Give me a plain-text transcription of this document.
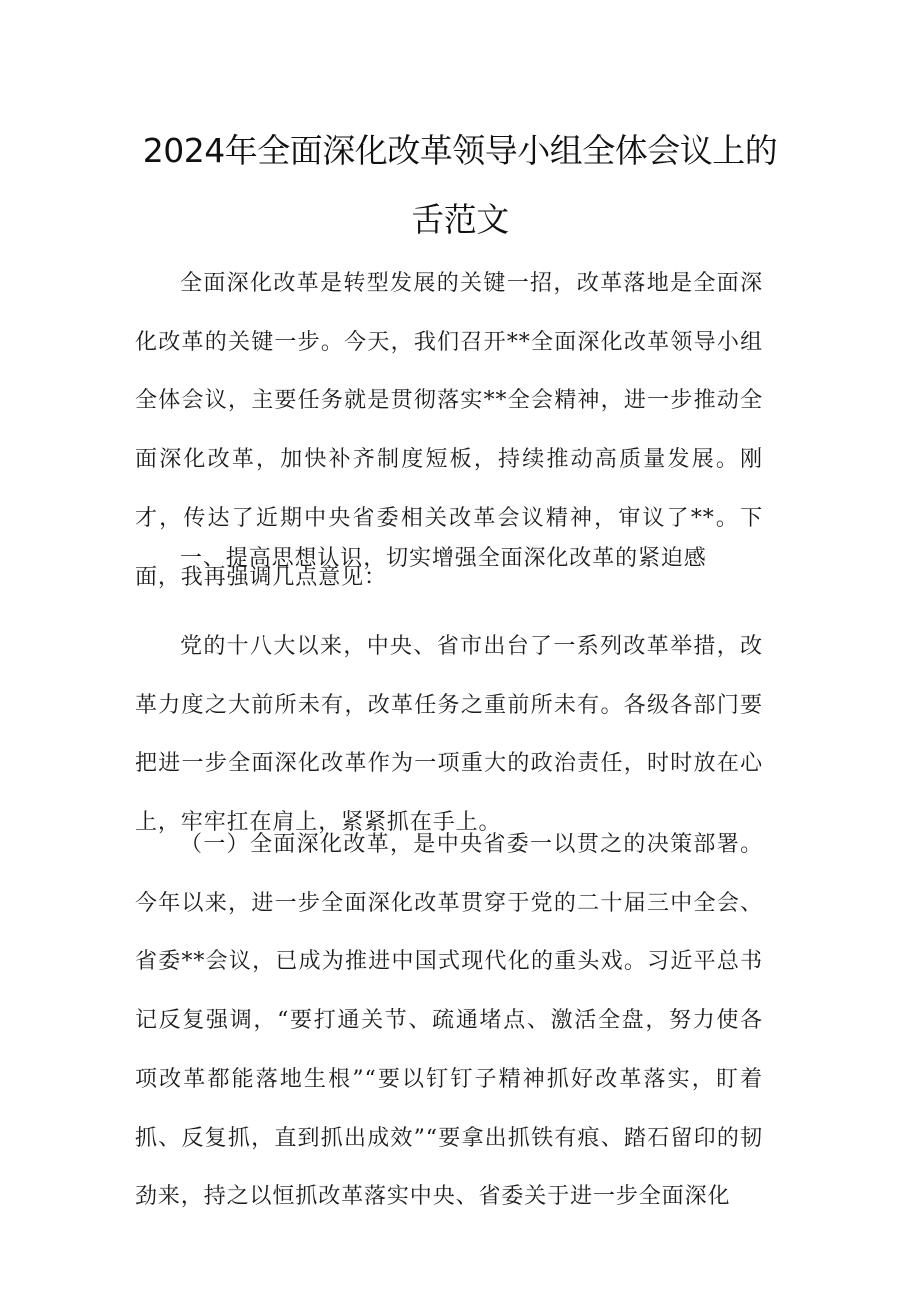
2024年全面深化改革领导小组全体会议上的
舌范文

全面深化改革是转型发展的关键一招，改革落地是全面深化改革的关键一步。今天，我们召开**全面深化改革领导小组全体会议，主要任务就是贯彻落实**全会精神，进一步推动全面深化改革，加快补齐制度短板，持续推动高质量发展。刚才，传达了近期中央省委相关改革会议精神，审议了**。下面，我再强调几点意见：

一、提高思想认识，切实增强全面深化改革的紧迫感

党的十八大以来，中央、省市出台了一系列改革举措，改革力度之大前所未有，改革任务之重前所未有。各级各部门要把进一步全面深化改革作为一项重大的政治责任，时时放在心上，牢牢扛在肩上，紧紧抓在手上。

（一）全面深化改革，是中央省委一以贯之的决策部署。今年以来，进一步全面深化改革贯穿于党的二十届三中全会、省委**会议，已成为推进中国式现代化的重头戏。习近平总书记反复强调，“要打通关节、疏通堵点、激活全盘，努力使各项改革都能落地生根”“要以钉钉子精神抓好改革落实，盯着抓、反复抓，直到抓出成效”“要拿出抓铁有痕、踏石留印的韧劲来，持之以恒抓改革落实中央、省委关于进一步全面深化
